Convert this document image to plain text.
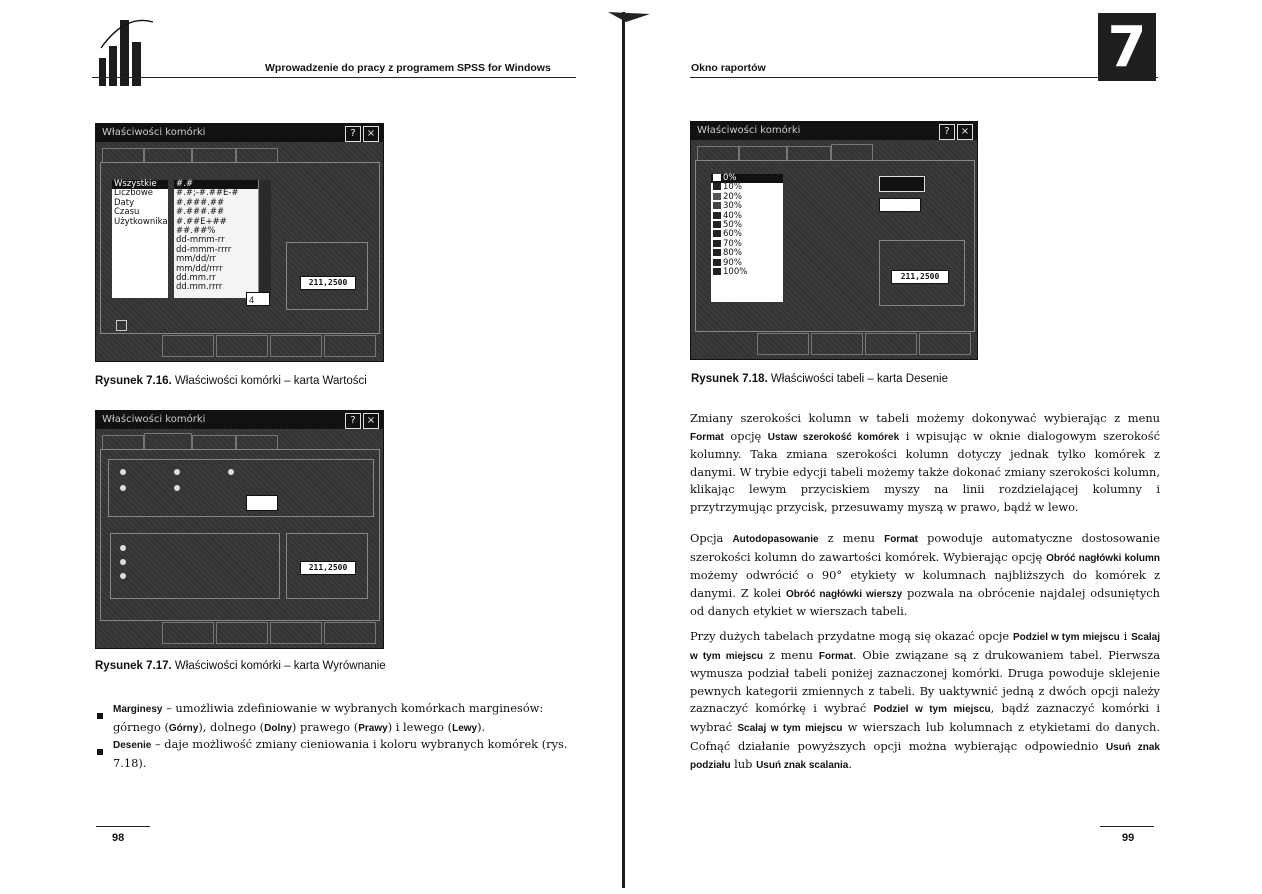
Wprowadzenie do pracy z programem SPSS for Windows
Właściwości komórki	?	×
Wszystkie
Liczbowe
Daty
Czasu
Użytkownika
#.#
#.#;-#.##E-#
#.###.##
#.###.##
#.##E+##
##.##%
dd-mmm-rr
dd-mmm-rrrr
mm/dd/rr
mm/dd/rrrr
dd.mm.rr
dd.mm.rrrr
4
211,2500
Rysunek 7.16. Właściwości komórki – karta Wartości
Właściwości komórki	?	×
211,2500
Rysunek 7.17. Właściwości komórki – karta Wyrównanie
Marginesy – umożliwia zdefiniowanie w wybranych komórkach marginesów: górnego (Górny), dolnego (Dolny) prawego (Prawy) i lewego (Lewy).
Desenie – daje możliwość zmiany cieniowania i koloru wybranych komórek (rys. 7.18).
98
Okno raportów	7
Właściwości komórki	?	×
0%
10%
20%
30%
40%
50%
60%
70%
80%
90%
100%	211,2500
Rysunek 7.18. Właściwości tabeli – karta Desenie
Zmiany szerokości kolumn w tabeli możemy dokonywać wybierając z menu Format opcję Ustaw szerokość komórek i wpisując w oknie dialogowym szerokość kolumny. Taka zmiana szerokości kolumn dotyczy jednak tylko komórek z danymi. W trybie edycji tabeli możemy także dokonać zmiany szerokości kolumn, klikając lewym przyciskiem myszy na linii rozdzielającej kolumny i przytrzymując przycisk, przesuwamy myszą w prawo, bądź w lewo.
Opcja Autodopasowanie z menu Format powoduje automatyczne dostosowanie szerokości kolumn do zawartości komórek. Wybierając opcję Obróć nagłówki kolumn możemy odwrócić o 90° etykiety w kolumnach najbliższych do komórek z danymi. Z kolei Obróć nagłówki wierszy pozwala na obrócenie najdalej odsuniętych od danych etykiet w wierszach tabeli.
Przy dużych tabelach przydatne mogą się okazać opcje Podziel w tym miejscu i Scalaj w tym miejscu z menu Format. Obie związane są z drukowaniem tabel. Pierwsza wymusza podział tabeli poniżej zaznaczonej komórki. Druga powoduje sklejenie pewnych kategorii zmiennych z tabeli. By uaktywnić jedną z dwóch opcji należy zaznaczyć komórkę i wybrać Podziel w tym miejscu, bądź zaznaczyć komórki i wybrać Scalaj w tym miejscu w wierszach lub kolumnach z etykietami do danych. Cofnąć działanie powyższych opcji można wybierając odpowiednio Usuń znak podziału lub Usuń znak scalania.
99
